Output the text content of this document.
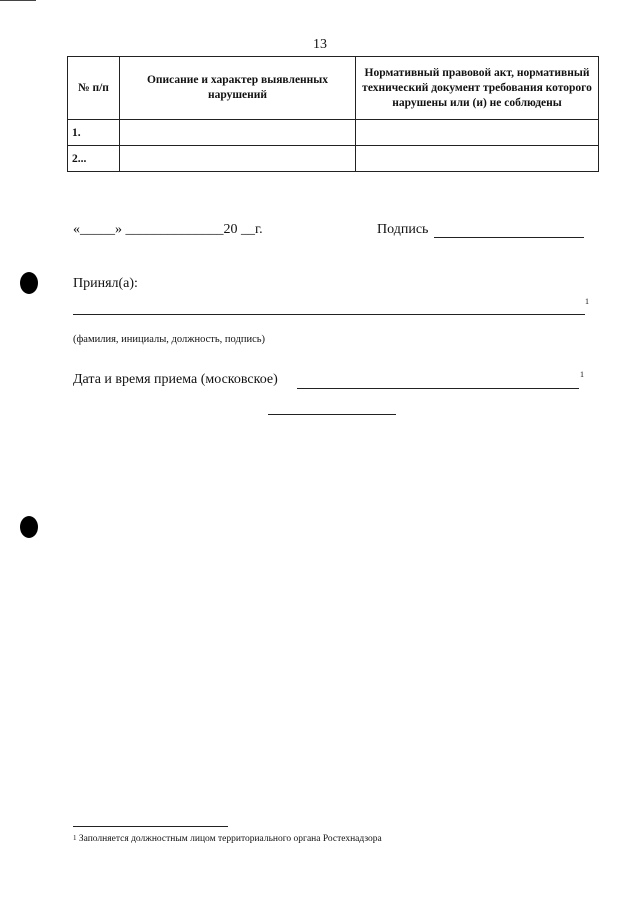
13
№ п/п	Описание и характер выявленных нарушений	Нормативный правовой акт, нормативный технический документ требования которого нарушены или (и) не соблюдены
1.		
2...		
«_____» ______________20 __г.	Подпись
Принял(а):
1
(фамилия, инициалы, должность, подпись)
Дата и время приема (московское)	1
$^1$ Заполняется должностным лицом территориального органа Ростехнадзора
